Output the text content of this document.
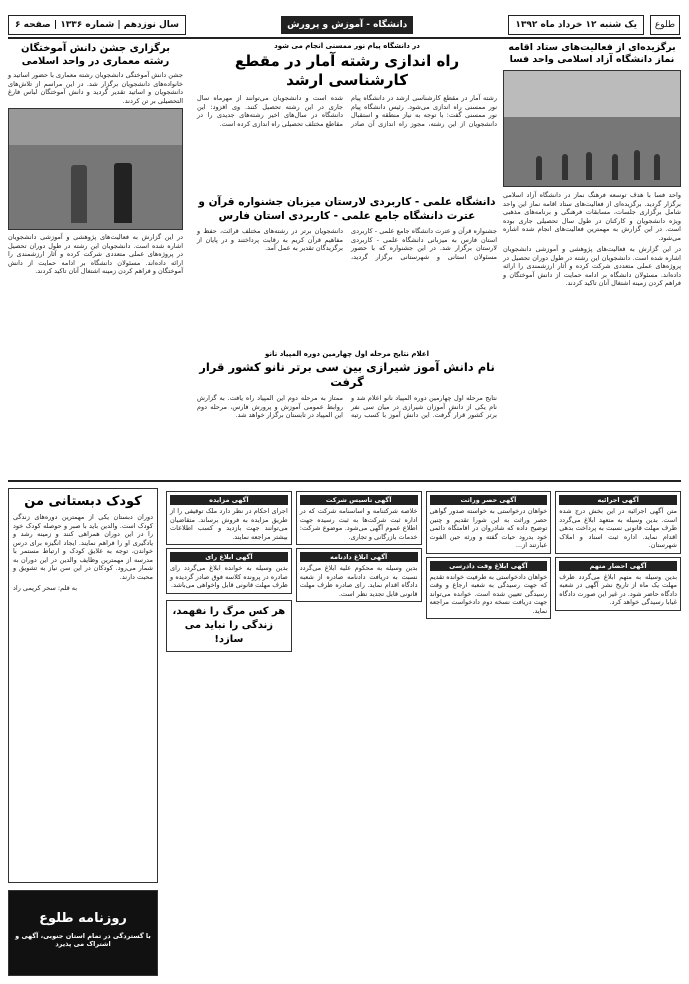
طلوع
یک شنبه ۱۲ خرداد ماه ۱۳۹۲
دانشگاه - آموزش و پرورش
سال نوزدهم | شماره ۱۳۳۶ | صفحه ۶
برگزیده‌ای از فعالیت‌های ستاد اقامه نماز دانشگاه آزاد اسلامی واحد فسا
واحد فسا با هدف توسعه فرهنگ نماز در دانشگاه آزاد اسلامی برگزار گردید. برگزیده‌ای از فعالیت‌های ستاد اقامه نماز این واحد شامل برگزاری جلسات، مسابقات فرهنگی و برنامه‌های مذهبی ویژه دانشجویان و کارکنان در طول سال تحصیلی جاری بوده است. در این گزارش به مهمترین فعالیت‌های انجام شده اشاره می‌شود.
در این گزارش به فعالیت‌های پژوهشی و آموزشی دانشجویان اشاره شده است. دانشجویان این رشته در طول دوران تحصیل در پروژه‌های عملی متعددی شرکت کرده و آثار ارزشمندی را ارائه داده‌اند. مسئولان دانشگاه بر ادامه حمایت از دانش آموختگان و فراهم کردن زمینه اشتغال آنان تاکید کردند.
در دانشگاه پیام نور ممسنی انجام می شود
راه اندازی رشته آمار در مقطع کارشناسی ارشد
رشته آمار در مقطع کارشناسی ارشد در دانشگاه پیام نور ممسنی راه اندازی می‌شود. رئیس دانشگاه پیام نور ممسنی گفت: با توجه به نیاز منطقه و استقبال دانشجویان از این رشته، مجوز راه اندازی آن صادر شده است و دانشجویان می‌توانند از مهرماه سال جاری در این رشته تحصیل کنند. وی افزود: این دانشگاه در سال‌های اخیر رشته‌های جدیدی را در مقاطع مختلف تحصیلی راه اندازی کرده است.
دانشگاه علمی - کاربردی لارستان میزبان جشنواره قرآن و عترت دانشگاه جامع علمی - کاربردی استان فارس
جشنواره قرآن و عترت دانشگاه جامع علمی - کاربردی استان فارس به میزبانی دانشگاه علمی - کاربردی لارستان برگزار شد. در این جشنواره که با حضور مسئولان استانی و شهرستانی برگزار گردید، دانشجویان برتر در رشته‌های مختلف قرائت، حفظ و مفاهیم قرآن کریم به رقابت پرداختند و در پایان از برگزیدگان تقدیر به عمل آمد.
اعلام نتایج مرحله اول چهارمین دوره المپیاد نانو
نام دانش آموز شیرازی بین سی برتر نانو کشور قرار گرفت
نتایج مرحله اول چهارمین دوره المپیاد نانو اعلام شد و نام یکی از دانش آموزان شیرازی در میان سی نفر برتر کشور قرار گرفت. این دانش آموز با کسب رتبه ممتاز به مرحله دوم این المپیاد راه یافت. به گزارش روابط عمومی آموزش و پرورش فارس، مرحله دوم این المپیاد در تابستان برگزار خواهد شد.
برگزاری جشن دانش آموختگان رشته معماری در واحد اسلامی
جشن دانش آموختگی دانشجویان رشته معماری با حضور اساتید و خانواده‌های دانشجویان برگزار شد. در این مراسم از تلاش‌های دانشجویان و اساتید تقدیر گردید و دانش آموختگان لباس فارغ التحصیلی بر تن کردند.
در این گزارش به فعالیت‌های پژوهشی و آموزشی دانشجویان اشاره شده است. دانشجویان این رشته در طول دوران تحصیل در پروژه‌های عملی متعددی شرکت کرده و آثار ارزشمندی را ارائه داده‌اند. مسئولان دانشگاه بر ادامه حمایت از دانش آموختگان و فراهم کردن زمینه اشتغال آنان تاکید کردند.
کودک دبستانی من
دوران دبستان یکی از مهمترین دوره‌های زندگی کودک است. والدین باید با صبر و حوصله کودک خود را در این دوران همراهی کنند و زمینه رشد و یادگیری او را فراهم نمایند. ایجاد انگیزه برای درس خواندن، توجه به علایق کودک و ارتباط مستمر با مدرسه از مهمترین وظایف والدین در این دوران به شمار می‌رود. کودکان در این سن نیاز به تشویق و محبت دارند.
به قلم: سحر کریمی راد
روزنامه طلوع
با گستردگی در تمام استان جنوبی، آگهی و اشتراک می پذیرد
آگهی اجرائیه
متن آگهی اجرائیه در این بخش درج شده است. بدین وسیله به متعهد ابلاغ می‌گردد ظرف مهلت قانونی نسبت به پرداخت بدهی اقدام نماید. اداره ثبت اسناد و املاک شهرستان.
آگهی احضار متهم
بدین وسیله به متهم ابلاغ می‌گردد ظرف مهلت یک ماه از تاریخ نشر آگهی در شعبه دادگاه حاضر شود. در غیر این صورت دادگاه غیابا رسیدگی خواهد کرد.
آگهی حصر وراثت
خواهان درخواستی به خواسته صدور گواهی حصر وراثت به این شورا تقدیم و چنین توضیح داده که شادروان در اقامتگاه دائمی خود بدرود حیات گفته و ورثه حین الفوت عبارتند از...
آگهی ابلاغ وقت دادرسی
خواهان دادخواستی به طرفیت خوانده تقدیم که جهت رسیدگی به شعبه ارجاع و وقت رسیدگی تعیین شده است. خوانده می‌تواند جهت دریافت نسخه دوم دادخواست مراجعه نماید.
آگهی تاسیس شرکت
خلاصه شرکتنامه و اساسنامه شرکت که در اداره ثبت شرکت‌ها به ثبت رسیده جهت اطلاع عموم آگهی می‌شود. موضوع شرکت: خدمات بازرگانی و تجاری.
آگهی ابلاغ دادنامه
بدین وسیله به محکوم علیه ابلاغ می‌گردد نسبت به دریافت دادنامه صادره از شعبه دادگاه اقدام نماید. رای صادره ظرف مهلت قانونی قابل تجدید نظر است.
آگهی مزایده
اجرای احکام در نظر دارد ملک توقیفی را از طریق مزایده به فروش برساند. متقاضیان می‌توانند جهت بازدید و کسب اطلاعات بیشتر مراجعه نمایند.
آگهی ابلاغ رای
بدین وسیله به خوانده ابلاغ می‌گردد رای صادره در پرونده کلاسه فوق صادر گردیده و ظرف مهلت قانونی قابل واخواهی می‌باشد.
هر کس مرگ را نفهمد، زندگی را نباید می سازد!
